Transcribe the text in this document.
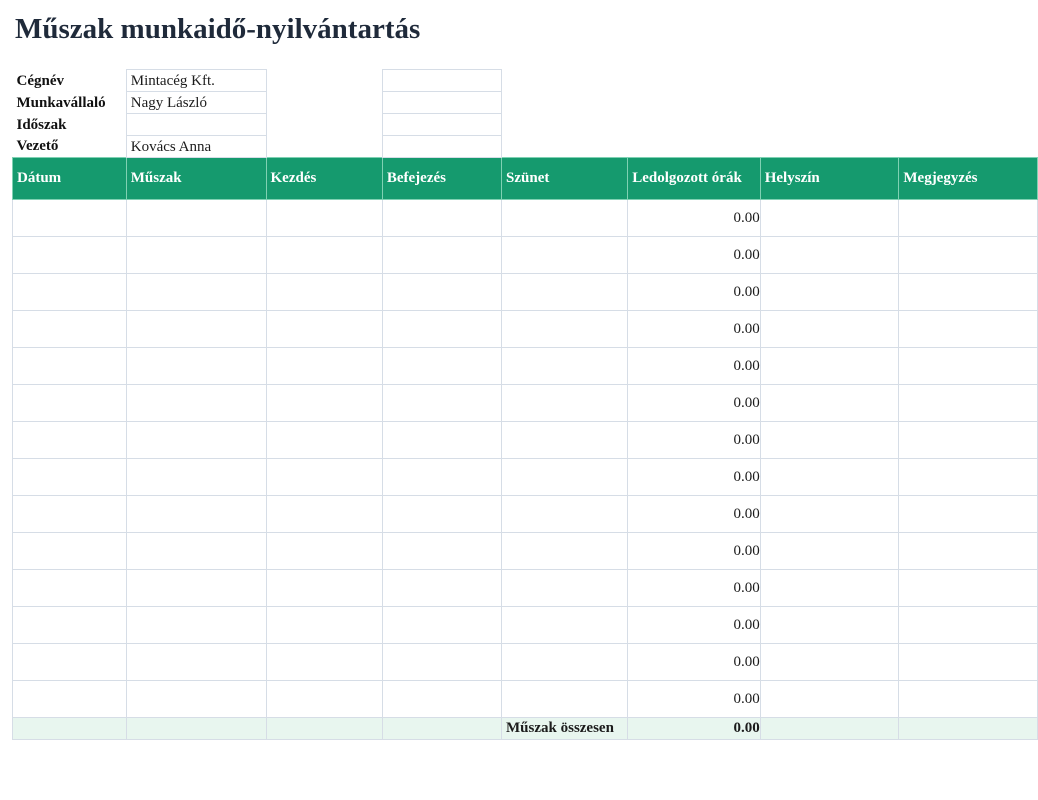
Műszak munkaidő-nyilvántartás
Cégnév	Mintacég Kft.						
Munkavállaló	Nagy László						
Időszak							
Vezető	Kovács Anna						
Dátum	Műszak	Kezdés	Befejezés	Szünet	Ledolgozott órák	Helyszín	Megjegyzés
					0.00		
					0.00		
					0.00		
					0.00		
					0.00		
					0.00		
					0.00		
					0.00		
					0.00		
					0.00		
					0.00		
					0.00		
					0.00		
					0.00		
				Műszak összesen	0.00		
